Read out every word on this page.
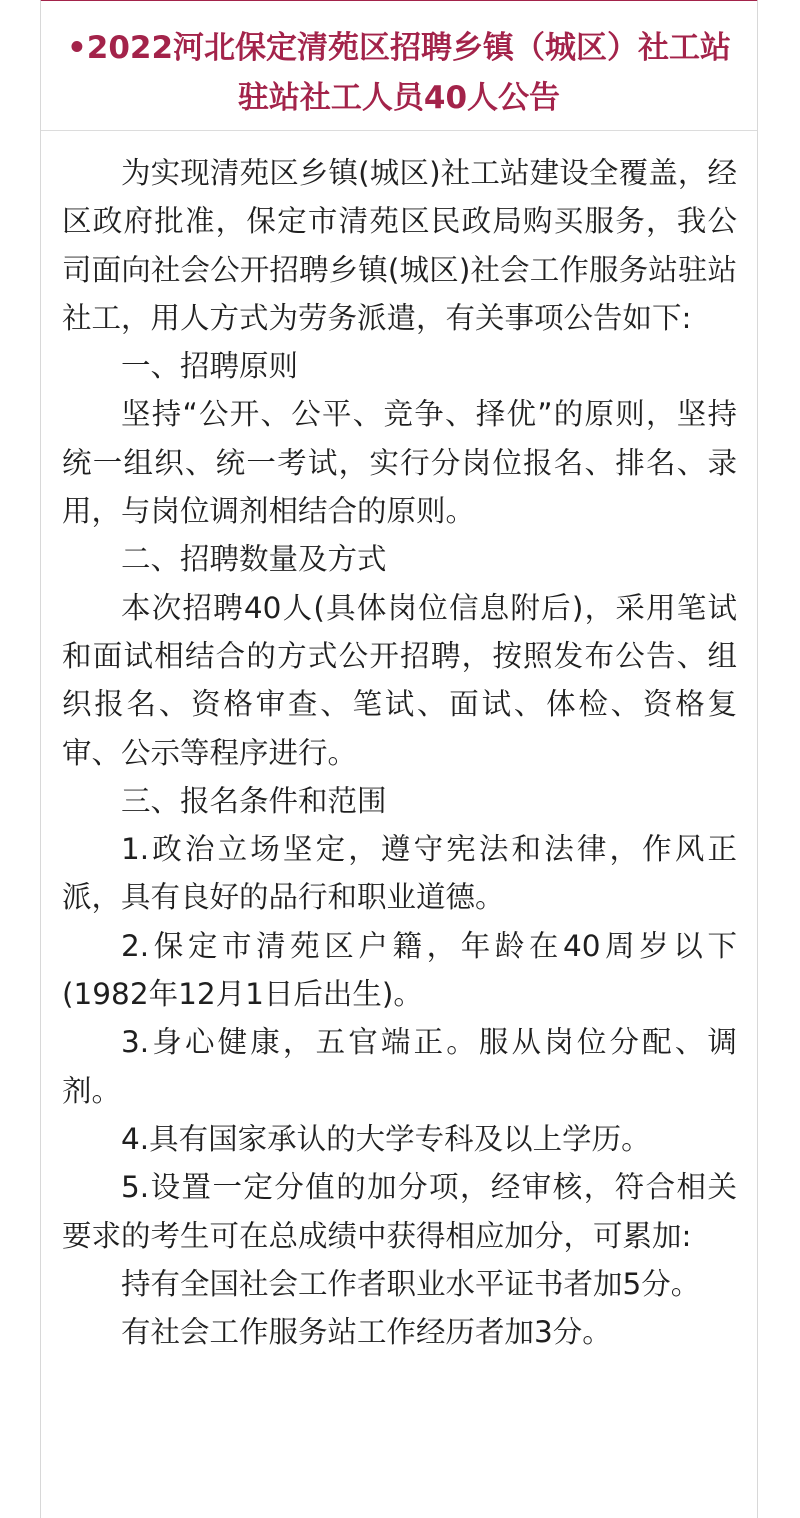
•2022河北保定清苑区招聘乡镇（城区）社工站驻站社工人员40人公告

为实现清苑区乡镇(城区)社工站建设全覆盖，经区政府批准，保定市清苑区民政局购买服务，我公司面向社会公开招聘乡镇(城区)社会工作服务站驻站社工，用人方式为劳务派遣，有关事项公告如下:

一、招聘原则

坚持“公开、公平、竞争、择优”的原则，坚持统一组织、统一考试，实行分岗位报名、排名、录用，与岗位调剂相结合的原则。

二、招聘数量及方式

本次招聘40人(具体岗位信息附后)，采用笔试和面试相结合的方式公开招聘，按照发布公告、组织报名、资格审查、笔试、面试、体检、资格复审、公示等程序进行。

三、报名条件和范围

1.政治立场坚定，遵守宪法和法律，作风正派，具有良好的品行和职业道德。

2.保定市清苑区户籍，年龄在40周岁以下(1982年12月1日后出生)。

3.身心健康，五官端正。服从岗位分配、调剂。

4.具有国家承认的大学专科及以上学历。

5.设置一定分值的加分项，经审核，符合相关要求的考生可在总成绩中获得相应加分，可累加:

持有全国社会工作者职业水平证书者加5分。

有社会工作服务站工作经历者加3分。
